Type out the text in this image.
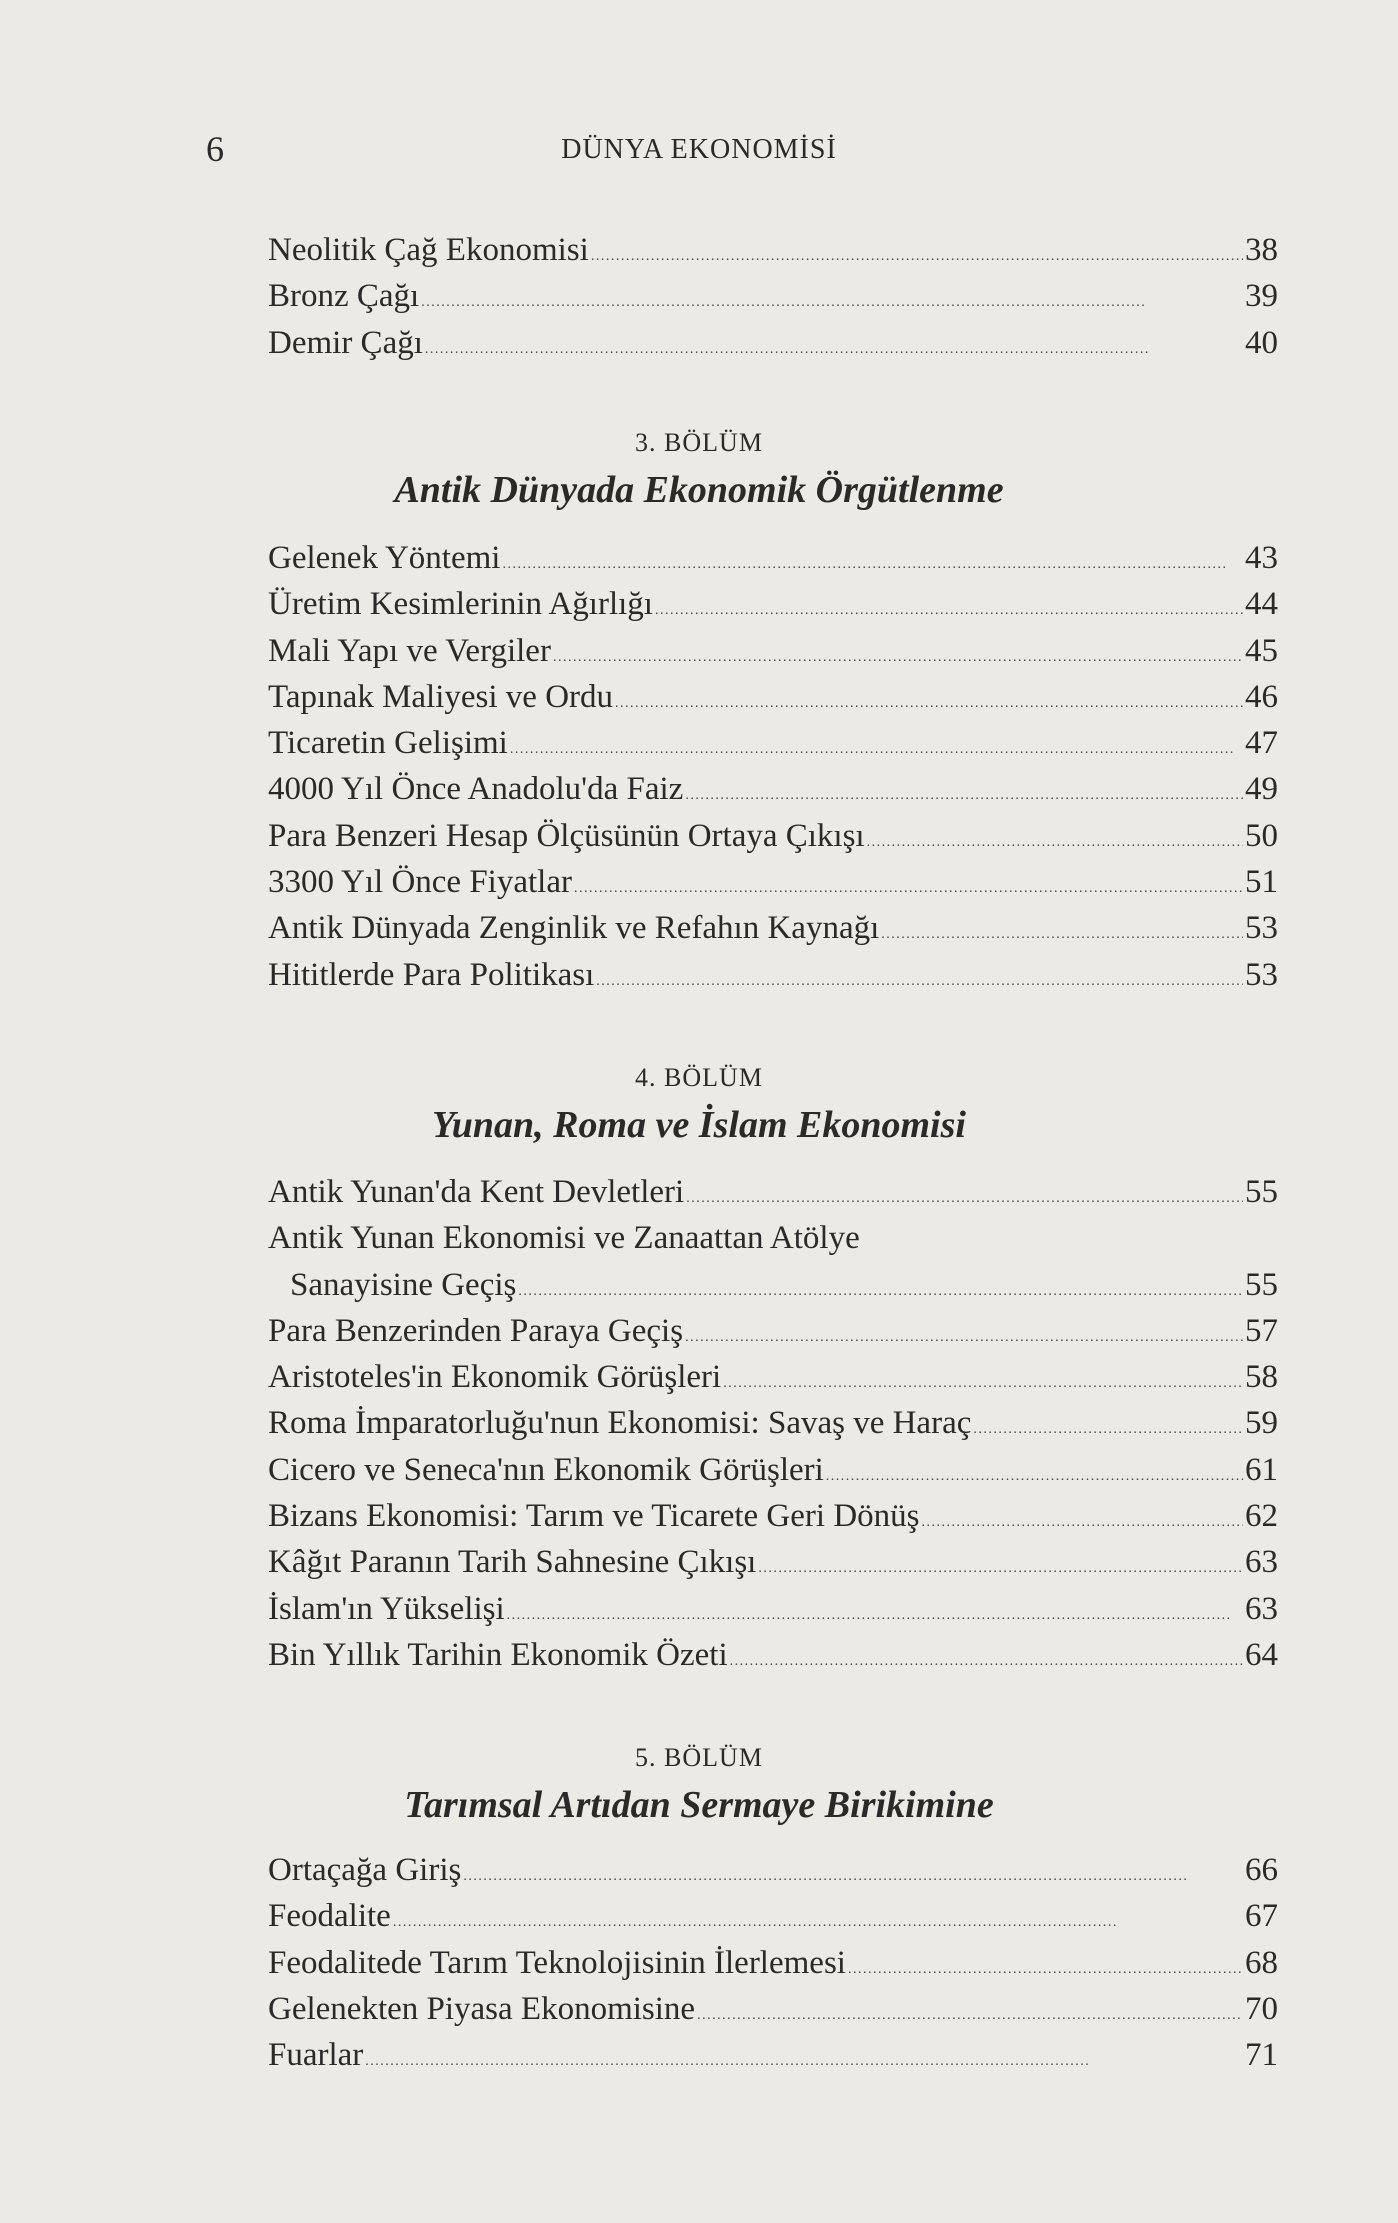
6	DÜNYA EKONOMİSİ
Neolitik Çağ Ekonomisi . . .	38
Bronz Çağı . . .	39
Demir Çağı . . .	40
3. BÖLÜM
Antik Dünyada Ekonomik Örgütlenme
Gelenek Yöntemi . . .	43
Üretim Kesimlerinin Ağırlığı . . .	44
Mali Yapı ve Vergiler . . .	45
Tapınak Maliyesi ve Ordu . . .	46
Ticaretin Gelişimi . . .	47
4000 Yıl Önce Anadolu'da Faiz . . .	49
Para Benzeri Hesap Ölçüsünün Ortaya Çıkışı . . .	50
3300 Yıl Önce Fiyatlar . . .	51
Antik Dünyada Zenginlik ve Refahın Kaynağı . . .	53
Hititlerde Para Politikası . . .	53
4. BÖLÜM
Yunan, Roma ve İslam Ekonomisi
Antik Yunan'da Kent Devletleri . . .	55
Antik Yunan Ekonomisi ve Zanaattan Atölye
Sanayisine Geçiş . . .	55
Para Benzerinden Paraya Geçiş . . .	57
Aristoteles'in Ekonomik Görüşleri . . .	58
Roma İmparatorluğu'nun Ekonomisi: Savaş ve Haraç . . .	59
Cicero ve Seneca'nın Ekonomik Görüşleri . . .	61
Bizans Ekonomisi: Tarım ve Ticarete Geri Dönüş . . .	62
Kâğıt Paranın Tarih Sahnesine Çıkışı . . .	63
İslam'ın Yükselişi . . .	63
Bin Yıllık Tarihin Ekonomik Özeti . . .	64
5. BÖLÜM
Tarımsal Artıdan Sermaye Birikimine
Ortaçağa Giriş . . .	66
Feodalite . . .	67
Feodalitede Tarım Teknolojisinin İlerlemesi . . .	68
Gelenekten Piyasa Ekonomisine . . .	70
Fuarlar . . .	71
